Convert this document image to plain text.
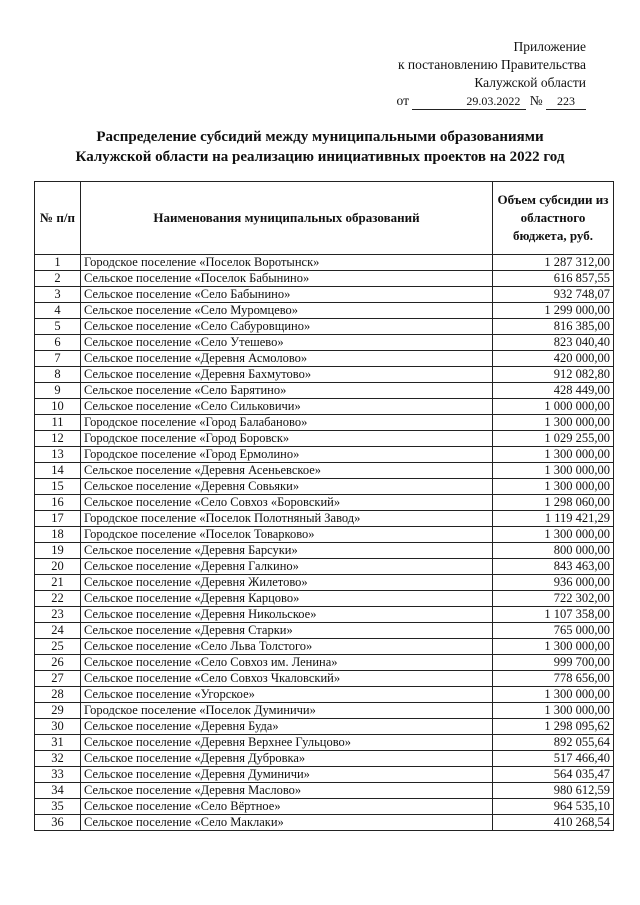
Приложение
к постановлению Правительства
Калужской области
от	29.03.2022 № 223
Распределение субсидий между муниципальными образованиями
Калужской области на реализацию инициативных проектов на 2022 год
№ п/п	Наименования муниципальных образований	Объем субсидии из областного бюджета, руб.
1	Городское поселение «Поселок Воротынск»	1 287 312,00
2	Сельское поселение «Поселок Бабынино»	616 857,55
3	Сельское поселение «Село Бабынино»	932 748,07
4	Сельское поселение «Село Муромцево»	1 299 000,00
5	Сельское поселение «Село Сабуровщино»	816 385,00
6	Сельское поселение «Село Утешево»	823 040,40
7	Сельское поселение «Деревня Асмолово»	420 000,00
8	Сельское поселение «Деревня Бахмутово»	912 082,80
9	Сельское поселение «Село Барятино»	428 449,00
10	Сельское поселение «Село Сильковичи»	1 000 000,00
11	Городское поселение «Город Балабаново»	1 300 000,00
12	Городское поселение «Город Боровск»	1 029 255,00
13	Городское поселение «Город Ермолино»	1 300 000,00
14	Сельское поселение «Деревня Асеньевское»	1 300 000,00
15	Сельское поселение «Деревня Совьяки»	1 300 000,00
16	Сельское поселение «Село Совхоз «Боровский»	1 298 060,00
17	Городское поселение «Поселок Полотняный Завод»	1 119 421,29
18	Городское поселение «Поселок Товарково»	1 300 000,00
19	Сельское поселение «Деревня Барсуки»	800 000,00
20	Сельское поселение «Деревня Галкино»	843 463,00
21	Сельское поселение «Деревня Жилетово»	936 000,00
22	Сельское поселение «Деревня Карцово»	722 302,00
23	Сельское поселение «Деревня Никольское»	1 107 358,00
24	Сельское поселение «Деревня Старки»	765 000,00
25	Сельское поселение «Село Льва Толстого»	1 300 000,00
26	Сельское поселение «Село Совхоз им. Ленина»	999 700,00
27	Сельское поселение «Село Совхоз Чкаловский»	778 656,00
28	Сельское поселение «Угорское»	1 300 000,00
29	Городское поселение «Поселок Думиничи»	1 300 000,00
30	Сельское поселение «Деревня Буда»	1 298 095,62
31	Сельское поселение «Деревня Верхнее Гульцово»	892 055,64
32	Сельское поселение «Деревня Дубровка»	517 466,40
33	Сельское поселение «Деревня Думиничи»	564 035,47
34	Сельское поселение «Деревня Маслово»	980 612,59
35	Сельское поселение «Село Вёртное»	964 535,10
36	Сельское поселение «Село Маклаки»	410 268,54
